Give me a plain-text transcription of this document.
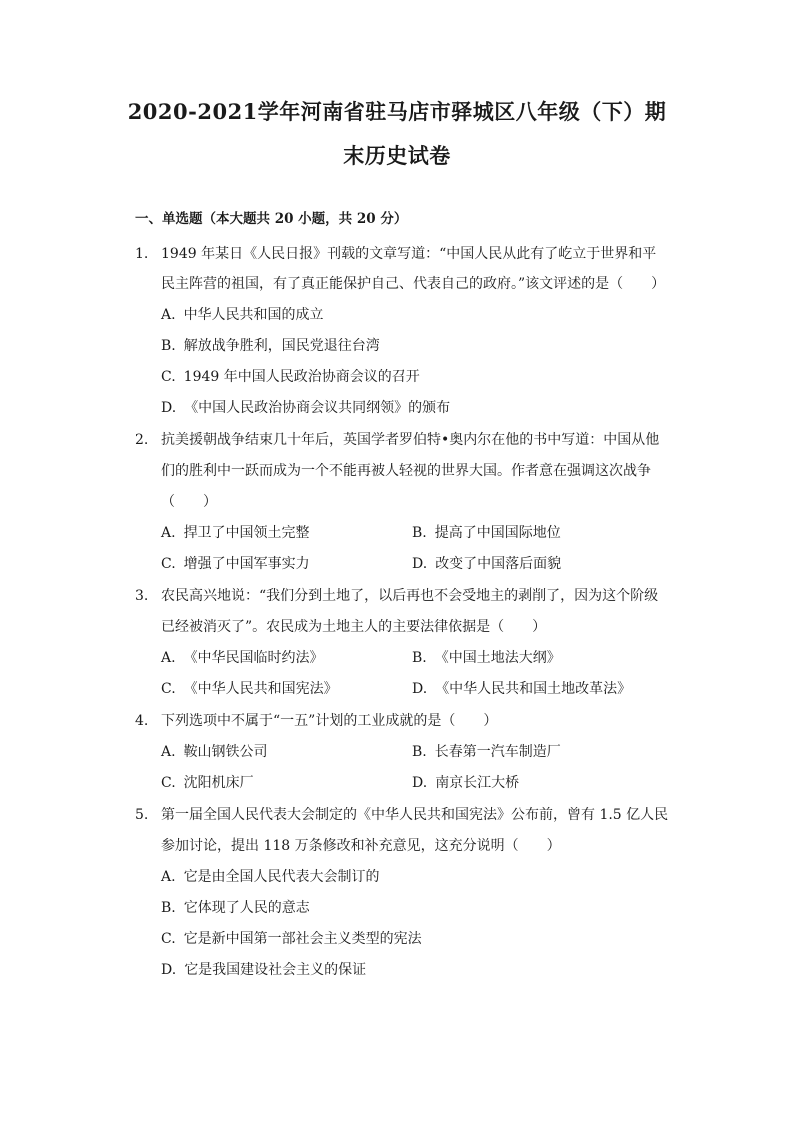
2020-2021学年河南省驻马店市驿城区八年级（下）期
末历史试卷
一、单选题（本大题共 20 小题，共 20 分）
1. 1949 年某日《人民日报》刊载的文章写道：“中国人民从此有了屹立于世界和平
民主阵营的祖国，有了真正能保护自己、代表自己的政府。”该文评述的是（　　）
A. 中华人民共和国的成立
B. 解放战争胜利，国民党退往台湾
C. 1949 年中国人民政治协商会议的召开
D. 《中国人民政治协商会议共同纲领》的颁布
2. 抗美援朝战争结束几十年后，英国学者罗伯特•奥内尔在他的书中写道：中国从他
们的胜利中一跃而成为一个不能再被人轻视的世界大国。作者意在强调这次战争
（　　）
A. 捍卫了中国领土完整	B. 提高了中国国际地位
C. 增强了中国军事实力	D. 改变了中国落后面貌
3. 农民高兴地说：“我们分到土地了，以后再也不会受地主的剥削了，因为这个阶级
已经被消灭了”。农民成为土地主人的主要法律依据是（　　）
A. 《中华民国临时约法》	B. 《中国土地法大纲》
C. 《中华人民共和国宪法》	D. 《中华人民共和国土地改革法》
4. 下列选项中不属于“一五”计划的工业成就的是（　　）
A. 鞍山钢铁公司	B. 长春第一汽车制造厂
C. 沈阳机床厂	D. 南京长江大桥
5. 第一届全国人民代表大会制定的《中华人民共和国宪法》公布前，曾有 1.5 亿人民
参加讨论，提出 118 万条修改和补充意见，这充分说明（　　）
A. 它是由全国人民代表大会制订的
B. 它体现了人民的意志
C. 它是新中国第一部社会主义类型的宪法
D. 它是我国建设社会主义的保证
